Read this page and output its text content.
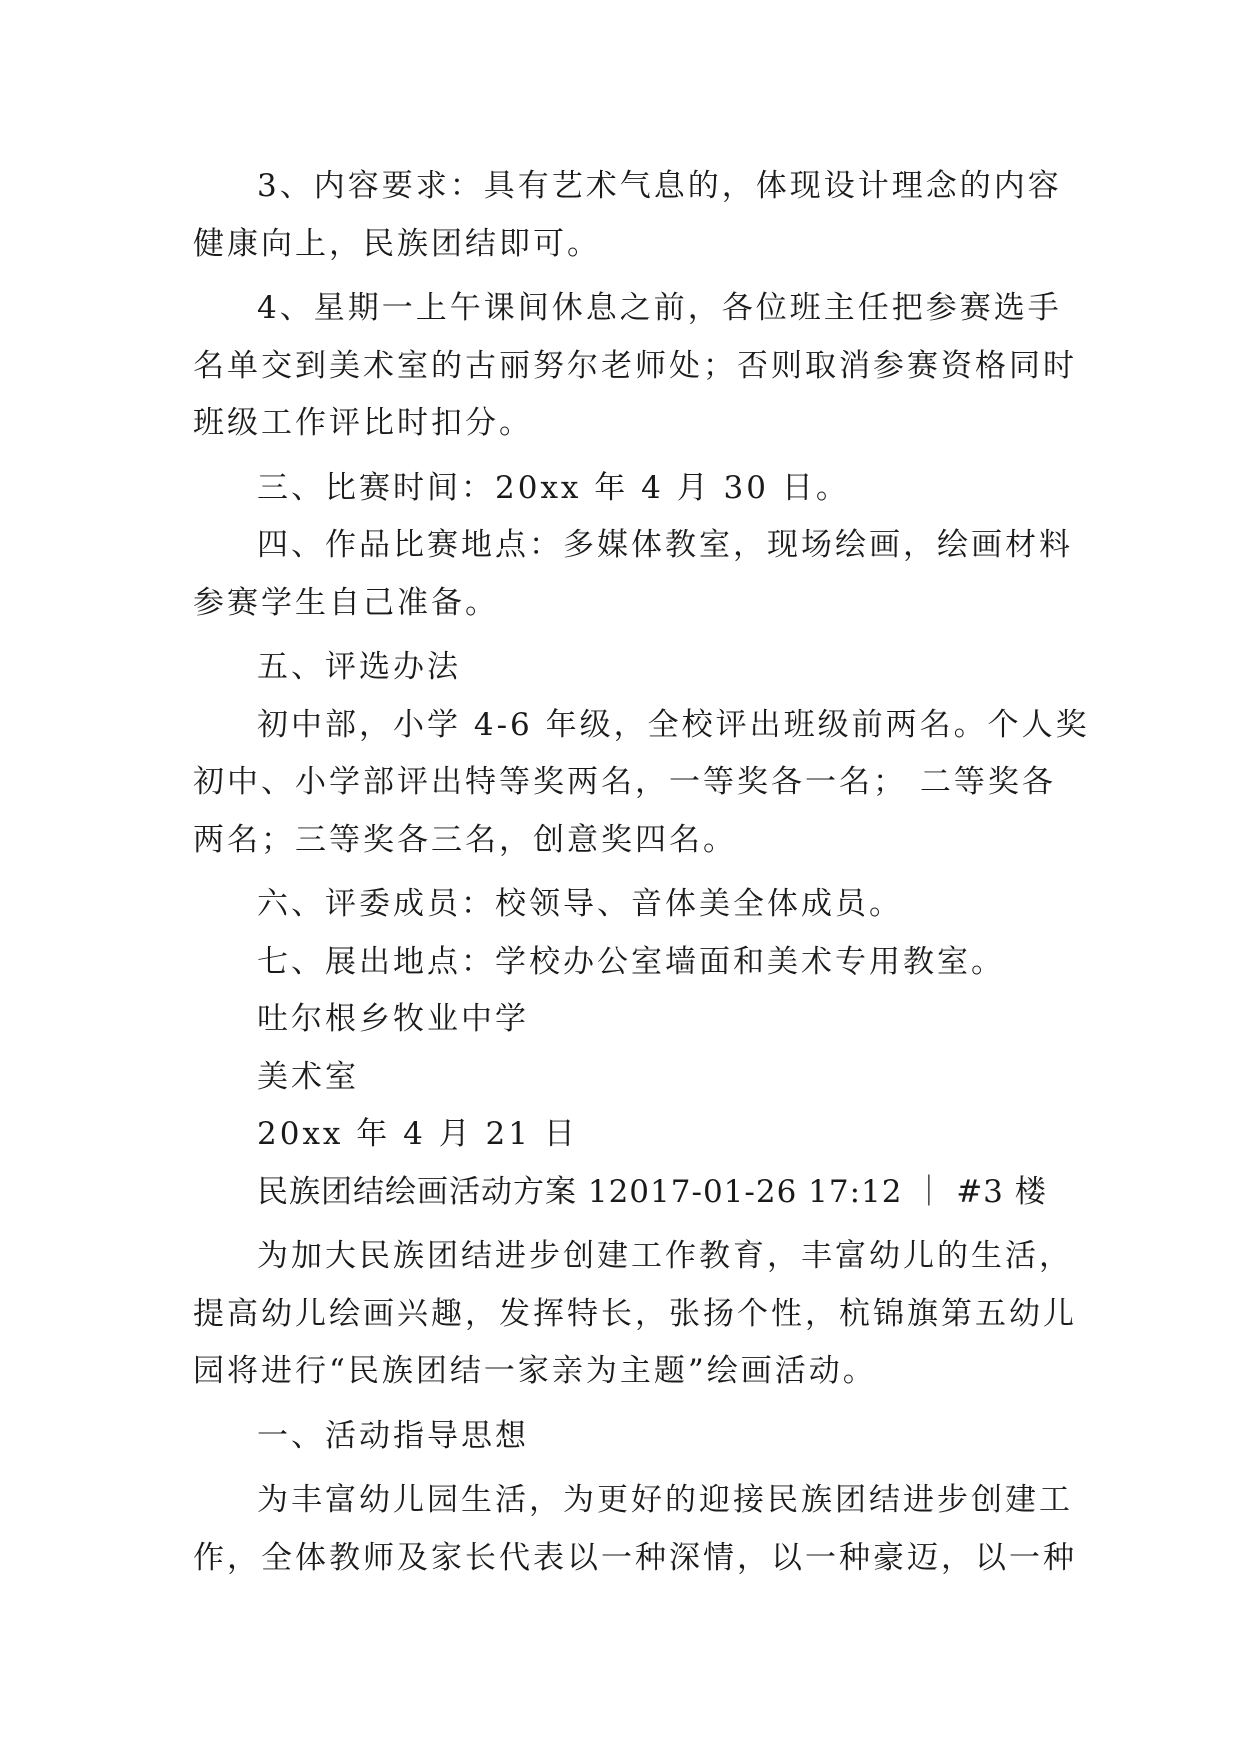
3、内容要求：具有艺术气息的，体现设计理念的内容
健康向上，民族团结即可。
4、星期一上午课间休息之前，各位班主任把参赛选手
名单交到美术室的古丽努尔老师处；否则取消参赛资格同时
班级工作评比时扣分。
三、比赛时间：20xx 年 4 月 30 日。
四、作品比赛地点：多媒体教室，现场绘画，绘画材料
参赛学生自己准备。
五、评选办法
初中部，小学 4-6 年级，全校评出班级前两名。个人奖
初中、小学部评出特等奖两名，一等奖各一名； 二等奖各
两名；三等奖各三名，创意奖四名。
六、评委成员：校领导、音体美全体成员。
七、展出地点：学校办公室墙面和美术专用教室。
吐尔根乡牧业中学
美术室
20xx 年 4 月 21 日
民族团结绘画活动方案 12017-01-26 17:12 ｜ #3 楼
为加大民族团结进步创建工作教育，丰富幼儿的生活，
提高幼儿绘画兴趣，发挥特长，张扬个性，杭锦旗第五幼儿
园将进行“民族团结一家亲为主题”绘画活动。
一、活动指导思想
为丰富幼儿园生活，为更好的迎接民族团结进步创建工
作，全体教师及家长代表以一种深情，以一种豪迈，以一种
